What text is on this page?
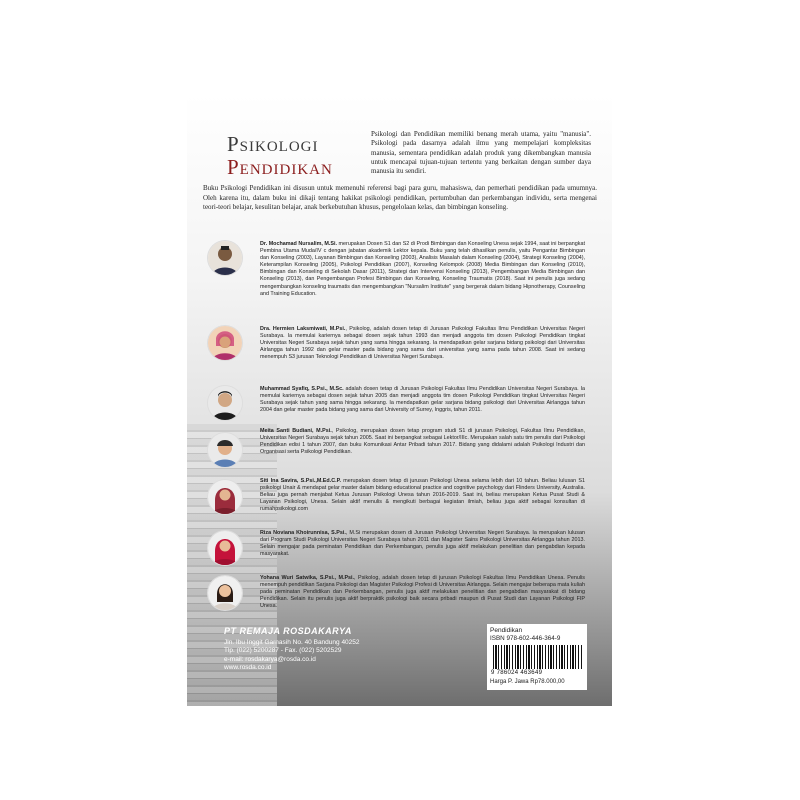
Psikologi
Pendidikan
Psikologi dan Pendidikan memiliki benang merah utama, yaitu "manusia". Psikologi pada dasarnya adalah ilmu yang mempelajari kompleksitas manusia, sementara pendidikan adalah produk yang dikembangkan manusia untuk mencapai tujuan-tujuan tertentu yang berkaitan dengan sumber daya manusia itu sendiri.
Buku Psikologi Pendidikan ini disusun untuk memenuhi referensi bagi para guru, mahasiswa, dan pemerhati pendidikan pada umumnya. Oleh karena itu, dalam buku ini dikaji tentang hakikat psikologi pendidikan, pertumbuhan dan perkembangan individu, serta mengenai teori-teori belajar, kesulitan belajar, anak berkebutuhan khusus, pengelolaan kelas, dan bimbingan konseling.
Dr. Mochamad Nursalim, M.Si. merupakan Dosen S1 dan S2 di Prodi Bimbingan dan Konseling Unesa sejak 1994, saat ini berpangkat Pembina Utama Muda/IV c dengan jabatan akademik Lektor kepala. Buku yang telah dihasilkan penulis, yaitu Pengantar Bimbingan dan Konseling (2003), Layanan Bimbingan dan Konseling (2003), Analisis Masalah dalam Konseling (2004), Strategi Konseling (2004), Keterampilan Konseling (2005), Psikologi Pendidikan (2007), Konseling Kelompok (2008) Media Bimbingan dan Konseling (2010), Bimbingan dan Konseling di Sekolah Dasar (2011), Strategi dan Intervensi Konseling (2013), Pengembangan Media Bimbingan dan Konseling (2013), dan Pengembangan Profesi Bimbingan dan Konseling, Konseling Traumatis (2018). Saat ini penulis juga sedang mengembangkan konseling traumatis dan mengembangkan "Nursalim Institute" yang bergerak dalam bidang Hipnotherapy, Counseling and Training Education.
Dra. Hermien Laksmiwati, M.Psi., Psikolog, adalah dosen tetap di Jurusan Psikologi Fakultas Ilmu Pendidikan Universitas Negeri Surabaya. Ia memulai kariernya sebagai dosen sejak tahun 1993 dan menjadi anggota tim dosen Psikologi Pendidikan tingkat Universitas Negeri Surabaya sejak tahun yang sama hingga sekarang. Ia mendapatkan gelar sarjana bidang psikologi dari Universitas Airlangga tahun 1992 dan gelar master pada bidang yang sama dari universitas yang sama pada tahun 2008. Saat ini sedang menempuh S3 jurusan Teknologi Pendidikan di Universitas Negeri Surabaya.
Muhammad Syafiq, S.Psi., M.Sc. adalah dosen tetap di Jurusan Psikologi Fakultas Ilmu Pendidikan Universitas Negeri Surabaya. Ia memulai kariernya sebagai dosen sejak tahun 2005 dan menjadi anggota tim dosen Psikologi Pendidikan tingkat Universitas Negeri Surabaya sejak tahun yang sama hingga sekarang. Ia mendapatkan gelar sarjana bidang psikologi dari Universitas Airlangga tahun 2004 dan gelar master pada bidang yang sama dari University of Surrey, Inggris, tahun 2011.
Meita Santi Budiani, M.Psi., Psikolog, merupakan dosen tetap program studi S1 di jurusan Psikologi, Fakultas Ilmu Pendidikan, Universitas Negeri Surabaya sejak tahun 2005. Saat ini berpangkat sebagai Lektor/IIIc. Merupakan salah satu tim penulis dari Psikologi Pendidikan edisi 1 tahun 2007, dan buku Komunikasi Antar Pribadi tahun 2017. Bidang yang didalami adalah Psikologi Industri dan Organisasi serta Psikologi Pendidikan.
Siti Ina Savira, S.Psi.,M.Ed.C.P. merupakan dosen tetap di jurusan Psikologi Unesa selama lebih dari 10 tahun. Beliau lulusan S1 psikologi Unair & mendapat gelar master dalam bidang educational practice and cognitive psychology dari Flinders University, Australia. Beliau juga pernah menjabat Ketua Jurusan Psikologi Unesa tahun 2016-2019. Saat ini, beliau merupakan Ketua Pusat Studi & Layanan Psikologi, Unesa. Selain aktif menulis & mengikuti berbagai kegiatan ilmiah, beliau juga aktif sebagai konsultan di rumahpsikologi.com
Riza Noviana Khoirunnisa, S.Psi., M.Si merupakan dosen di Jurusan Psikologi Universitas Negeri Surabaya. Ia merupakan lulusan dari Program Studi Psikologi Universitas Negeri Surabaya tahun 2011 dan Magister Sains Psikologi Universitas Airlangga tahun 2013. Selain mengajar pada peminatan Pendidikan dan Perkembangan, penulis juga aktif melakukan penelitian dan pengabdian kepada masyarakat.
Yohana Wuri Satwika, S.Psi., M.Psi., Psikolog, adalah dosen tetap di jurusan Psikologi Fakultas Ilmu Pendidikan Unesa. Penulis menempuh pendidikan Sarjana Psikologi dan Magister Psikologi Profesi di Universitas Airlangga. Selain mengajar beberapa mata kuliah pada peminatan Pendidikan dan Perkembangan, penulis juga aktif melakukan penelitian dan pengabdian masyarakat di bidang Pendidikan. Selain itu penulis juga aktif berpraktik psikologi baik secara pribadi maupun di Pusat Studi dan Layanan Psikologi FIP Unesa.
PT REMAJA ROSDAKARYA
Jln. Ibu Inggit Garnasih No. 40 Bandung 40252
Tlp. (022) 5200287 - Fax. (022) 5202529
e-mail: rosdakarya@rosda.co.id
www.rosda.co.id
Pendidikan
ISBN 978-602-446-364-9
9 786024 463649
Harga P. Jawa Rp78.000,00
